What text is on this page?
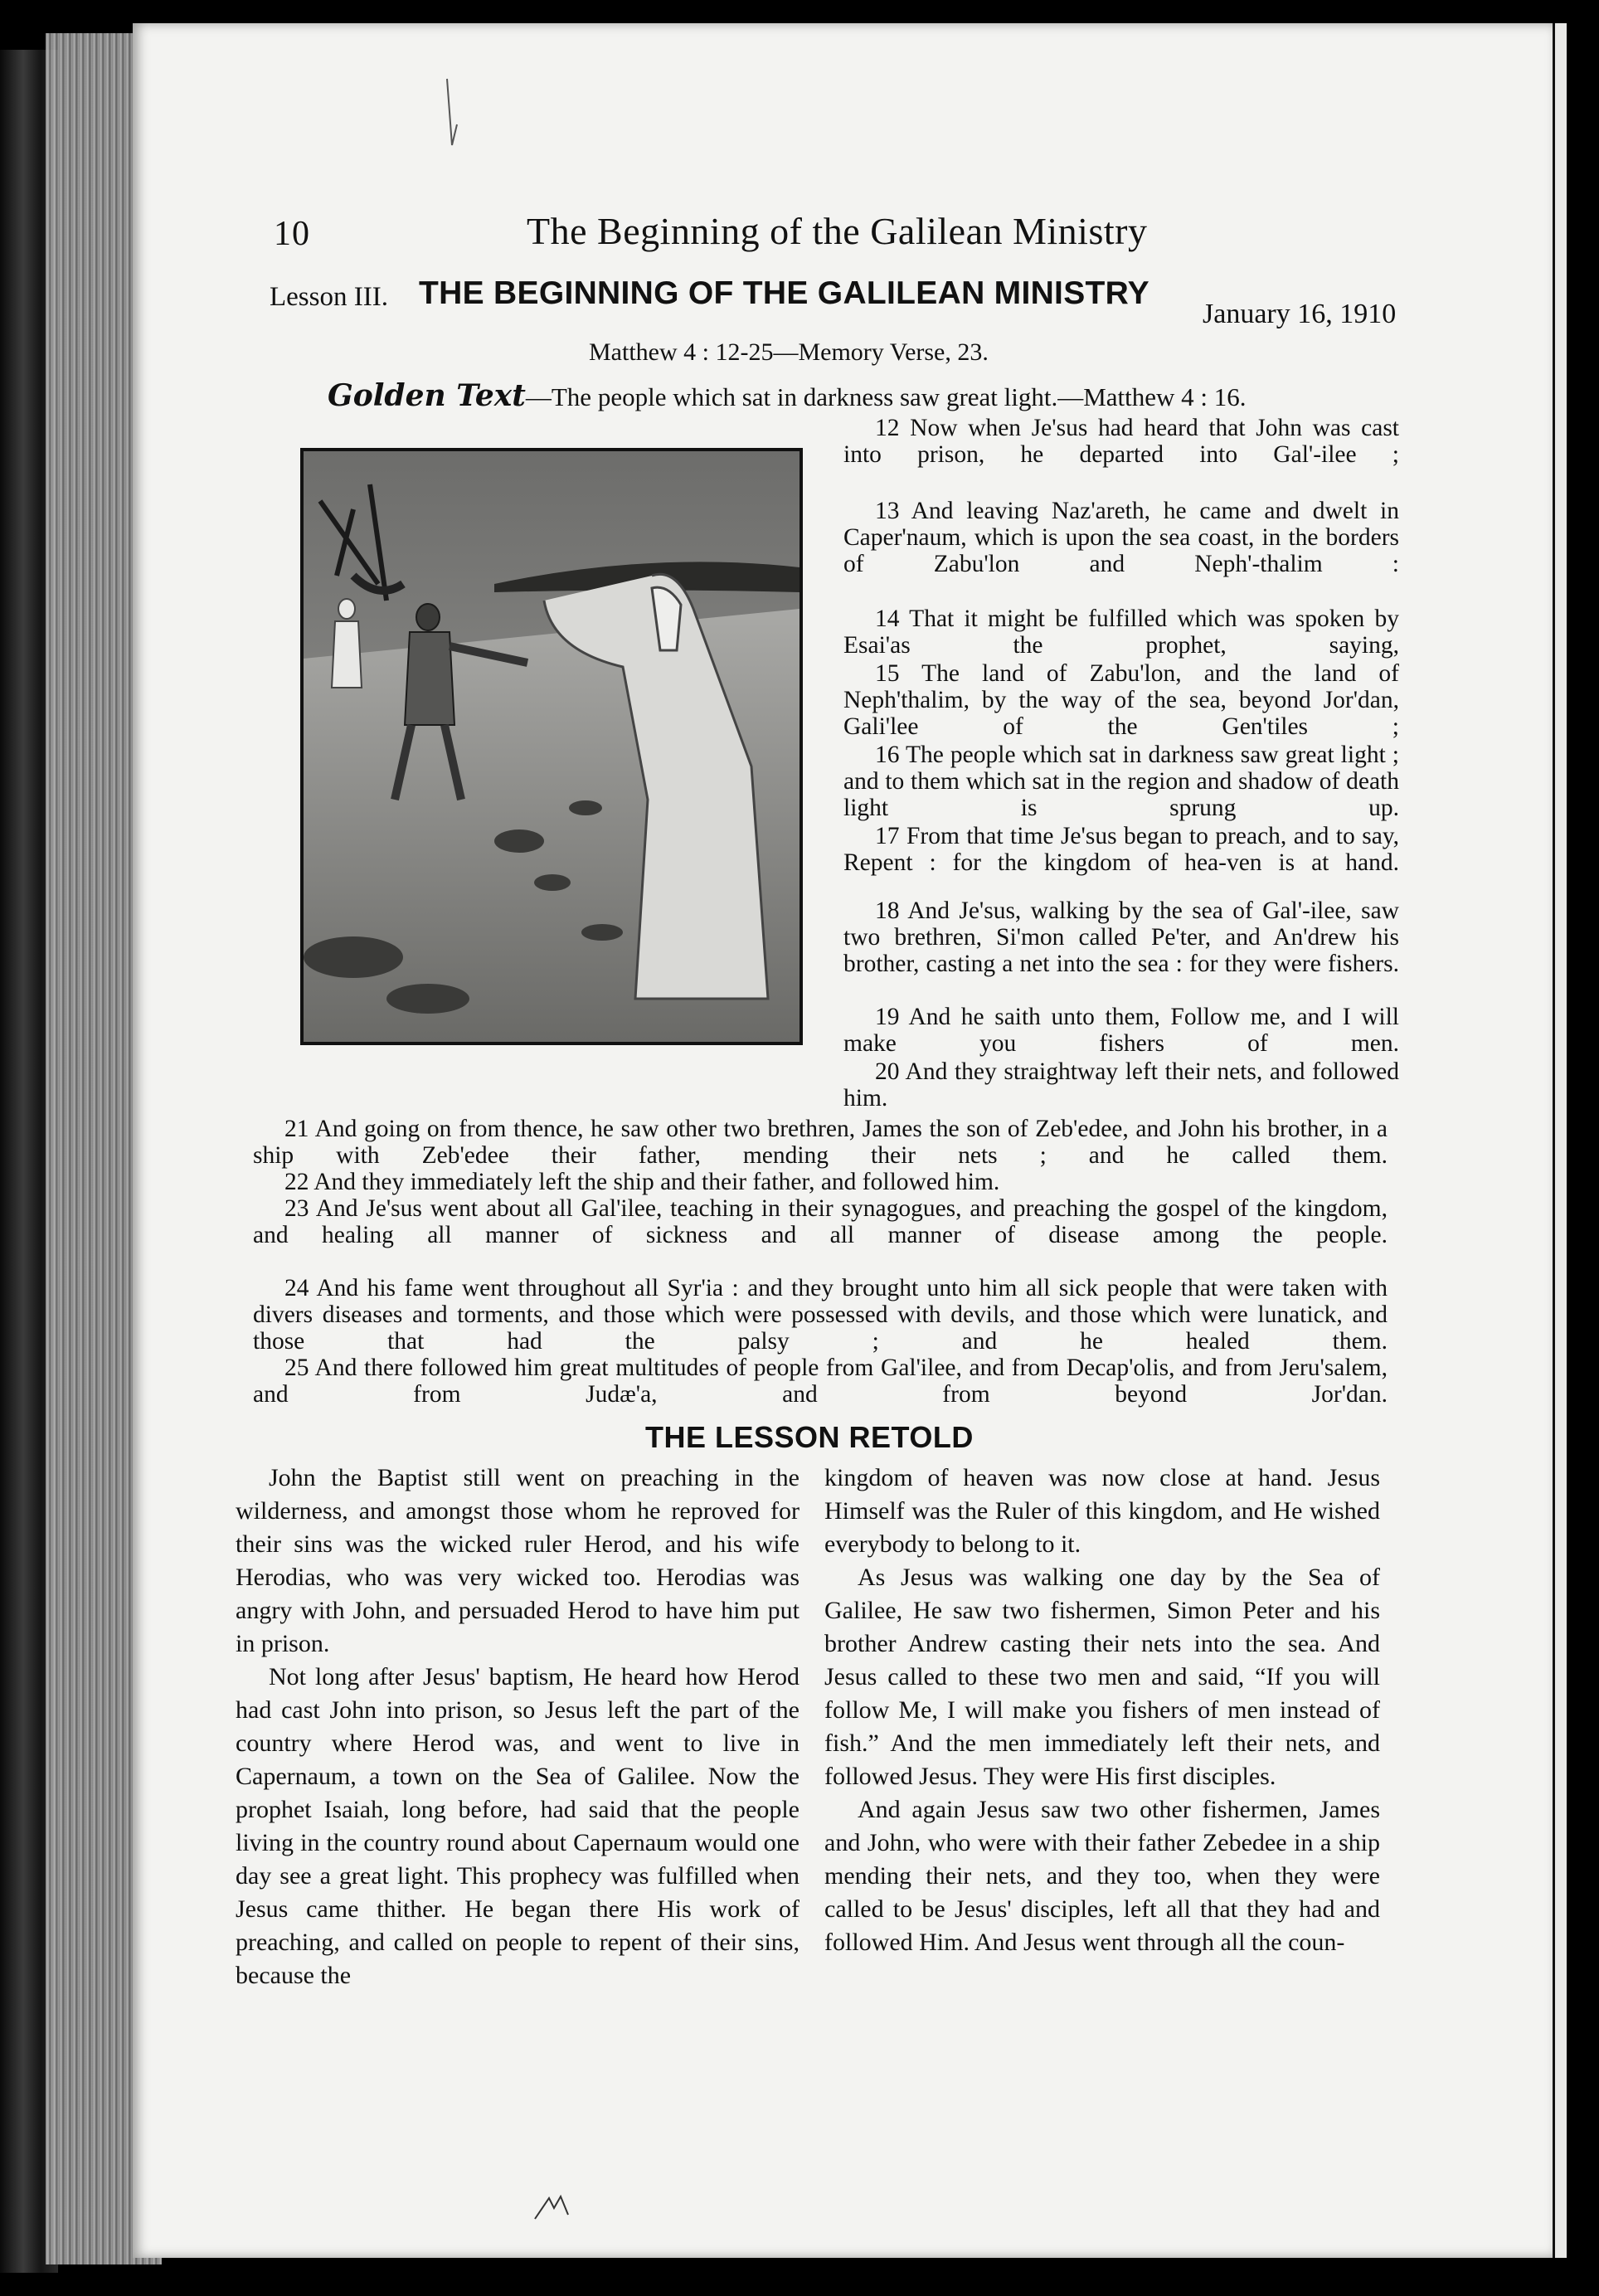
10	The Beginning of the Galilean Ministry
Lesson III. THE BEGINNING OF THE GALILEAN MINISTRY
January 16, 1910
Matthew 4 : 12-25—Memory Verse, 23.
Golden Text—The people which sat in darkness saw great light.—Matthew 4 : 16.

12 Now when Je'sus had heard that John was cast into prison, he departed into Gal'-ilee ;

13 And leaving Naz'areth, he came and dwelt in Caper'naum, which is upon the sea coast, in the borders of Zabu'lon and Neph'-thalim :

14 That it might be fulfilled which was spoken by Esai'as the prophet, saying,

15 The land of Zabu'lon, and the land of Neph'thalim, by the way of the sea, beyond Jor'dan, Gali'lee of the Gen'tiles ;

16 The people which sat in darkness saw great light ; and to them which sat in the region and shadow of death light is sprung up.

17 From that time Je'sus began to preach, and to say, Repent : for the kingdom of hea-ven is at hand.

18 And Je'sus, walking by the sea of Gal'-ilee, saw two brethren, Si'mon called Pe'ter, and An'drew his brother, casting a net into the sea : for they were fishers.

19 And he saith unto them, Follow me, and I will make you fishers of men.

20 And they straightway left their nets, and followed him.

21 And going on from thence, he saw other two brethren, James the son of Zeb'edee, and John his brother, in a ship with Zeb'edee their father, mending their nets ; and he called them.

22 And they immediately left the ship and their father, and followed him.

23 And Je'sus went about all Gal'ilee, teaching in their synagogues, and preaching the gospel of the kingdom, and healing all manner of sickness and all manner of disease among the people.

24 And his fame went throughout all Syr'ia : and they brought unto him all sick people that were taken with divers diseases and torments, and those which were possessed with devils, and those which were lunatick, and those that had the palsy ; and he healed them.

25 And there followed him great multitudes of people from Gal'ilee, and from Decap'olis, and from Jeru'salem, and from Judæ'a, and from beyond Jor'dan.

THE LESSON RETOLD

John the Baptist still went on preaching in the wilderness, and amongst those whom he reproved for their sins was the wicked ruler Herod, and his wife Herodias, who was very wicked too. Herodias was angry with John, and persuaded Herod to have him put in prison.

Not long after Jesus' baptism, He heard how Herod had cast John into prison, so Jesus left the part of the country where Herod was, and went to live in Capernaum, a town on the Sea of Galilee. Now the prophet Isaiah, long before, had said that the people living in the country round about Capernaum would one day see a great light. This prophecy was fulfilled when Jesus came thither. He began there His work of preaching, and called on people to repent of their sins, because the

kingdom of heaven was now close at hand. Jesus Himself was the Ruler of this kingdom, and He wished everybody to belong to it.

As Jesus was walking one day by the Sea of Galilee, He saw two fishermen, Simon Peter and his brother Andrew casting their nets into the sea. And Jesus called to these two men and said, “If you will follow Me, I will make you fishers of men instead of fish.” And the men immediately left their nets, and followed Jesus. They were His first disciples.

And again Jesus saw two other fishermen, James and John, who were with their father Zebedee in a ship mending their nets, and they too, when they were called to be Jesus' disciples, left all that they had and followed Him. And Jesus went through all the coun-
